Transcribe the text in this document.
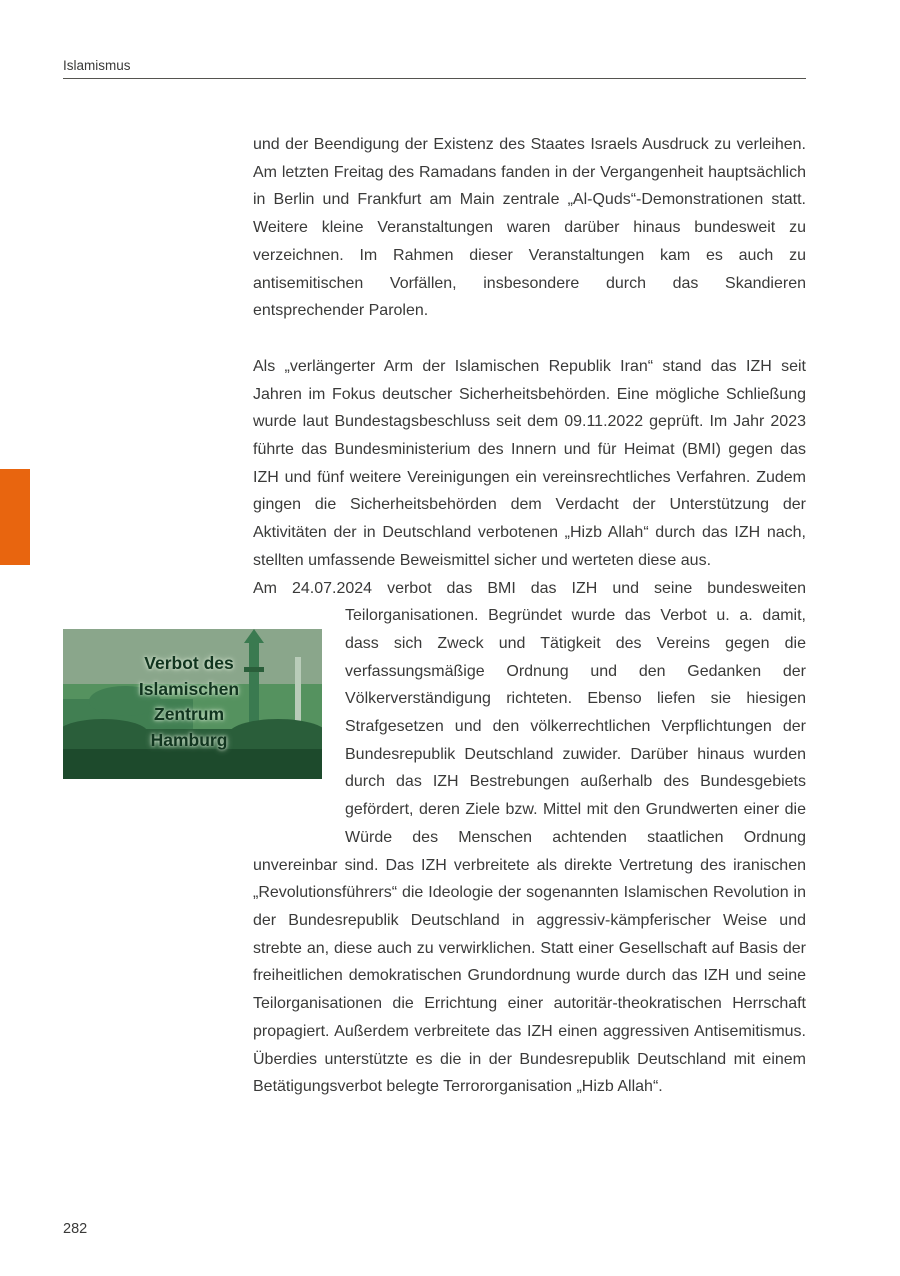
Islamismus

und der Beendigung der Existenz des Staates Israels Ausdruck zu verleihen. Am letzten Freitag des Ramadans fanden in der Vergangenheit hauptsächlich in Berlin und Frankfurt am Main zentrale „Al-Quds“-Demonstrationen statt. Weitere kleine Veranstaltungen waren darüber hinaus bundesweit zu verzeichnen. Im Rahmen dieser Veranstaltungen kam es auch zu antisemitischen Vorfällen, insbesondere durch das Skandieren entsprechender Parolen.

Als „verlängerter Arm der Islamischen Republik Iran“ stand das IZH seit Jahren im Fokus deutscher Sicherheitsbehörden. Eine mögliche Schließung wurde laut Bundestagsbeschluss seit dem 09.11.2022 geprüft. Im Jahr 2023 führte das Bundesministerium des Innern und für Heimat (BMI) gegen das IZH und fünf weitere Vereinigungen ein vereinsrechtliches Verfahren. Zudem gingen die Sicherheitsbehörden dem Verdacht der Unterstützung der Aktivitäten der in Deutschland verbotenen „Hizb Allah“ durch das IZH nach, stellten umfassende Beweismittel sicher und werteten diese aus.

Am 24.07.2024 verbot das BMI das IZH und seine bundesweiten

Verbot des
Islamischen
Zentrum
Hamburg
Teilorganisationen. Begründet wurde das Verbot u. a. damit, dass sich Zweck und Tätigkeit des Vereins gegen die verfassungsmäßige Ordnung und den Gedanken der Völkerverständigung richteten. Ebenso liefen sie hiesigen Strafgesetzen und den völkerrechtlichen Verpflichtungen der Bundesrepublik Deutschland zuwider. Darüber hinaus wurden durch das IZH Bestrebungen außerhalb des Bundesgebiets gefördert, deren Ziele bzw. Mittel mit den Grundwerten einer die Würde des Menschen achtenden staatlichen Ordnung unvereinbar sind. Das IZH verbreitete als direkte Vertretung des iranischen „Revolutionsführers“ die Ideologie der sogenannten Islamischen Revolution in der Bundesrepublik Deutschland in aggressiv-kämpferischer Weise und strebte an, diese auch zu verwirklichen. Statt einer Gesellschaft auf Basis der freiheitlichen demokratischen Grundordnung wurde durch das IZH und seine Teilorganisationen die Errichtung einer autoritär-theokratischen Herrschaft propagiert. Außerdem verbreitete das IZH einen aggressiven Antisemitismus. Überdies unterstützte es die in der Bundesrepublik Deutschland mit einem Betätigungsverbot belegte Terrororganisation „Hizb Allah“.
282
